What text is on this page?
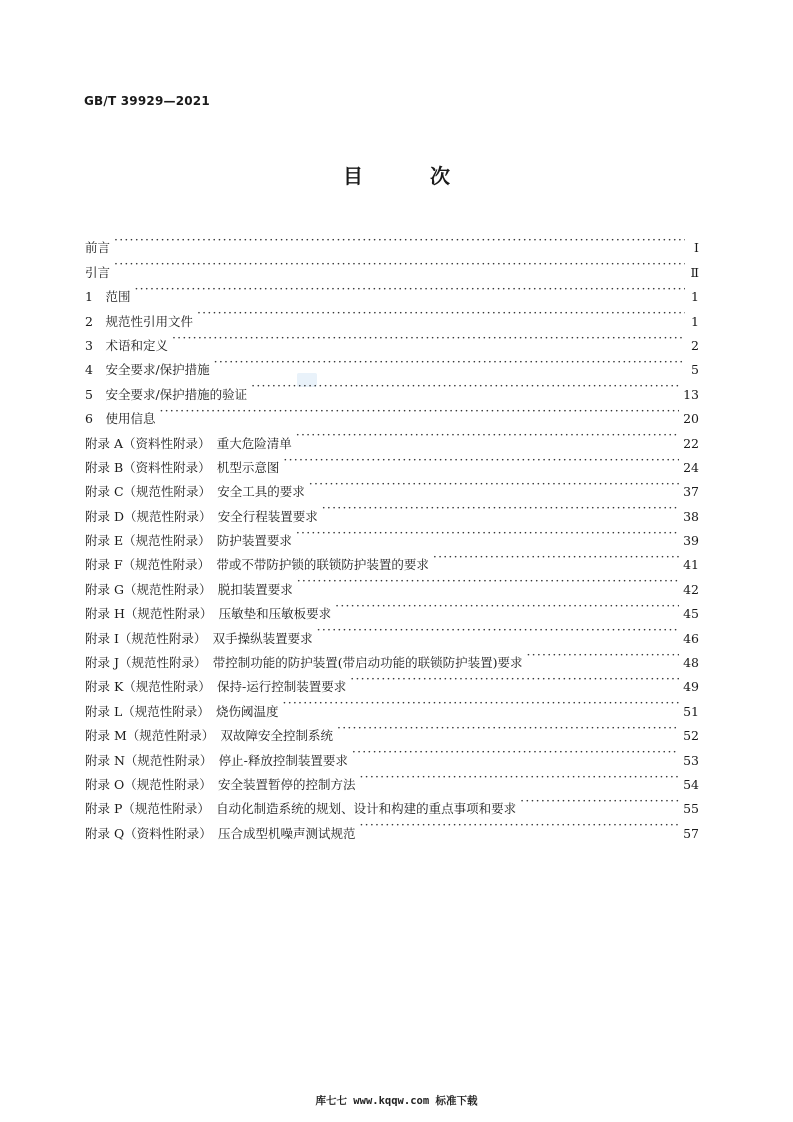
GB/T 39929—2021
目 次
前言 ·····	Ⅰ
引言 ·····	Ⅱ
1　范围 ·····	1
2　规范性引用文件 ·····	1
3　术语和定义 ·····	2
4　安全要求/保护措施 ·····	5
5　安全要求/保护措施的验证 ·····	13
6　使用信息 ·····	20
附录 A（资料性附录）　重大危险清单 ·····	22
附录 B（资料性附录）　机型示意图 ·····	24
附录 C（规范性附录）　安全工具的要求 ·····	37
附录 D（规范性附录）　安全行程装置要求 ·····	38
附录 E（规范性附录）　防护装置要求 ·····	39
附录 F（规范性附录）　带或不带防护锁的联锁防护装置的要求 ·····	41
附录 G（规范性附录）　脱扣装置要求 ·····	42
附录 H（规范性附录）　压敏垫和压敏板要求 ·····	45
附录 I（规范性附录）　双手操纵装置要求 ·····	46
附录 J（规范性附录）　带控制功能的防护装置(带启动功能的联锁防护装置)要求 ·····	48
附录 K（规范性附录）　保持-运行控制装置要求 ·····	49
附录 L（规范性附录）　烧伤阈温度 ·····	51
附录 M（规范性附录）　双故障安全控制系统 ·····	52
附录 N（规范性附录）　停止-释放控制装置要求 ·····	53
附录 O（规范性附录）　安全装置暂停的控制方法 ·····	54
附录 P（规范性附录）　自动化制造系统的规划、设计和构建的重点事项和要求 ·····	55
附录 Q（资料性附录）　压合成型机噪声测试规范 ·····	57
库七七 www.kqqw.com 标准下载
